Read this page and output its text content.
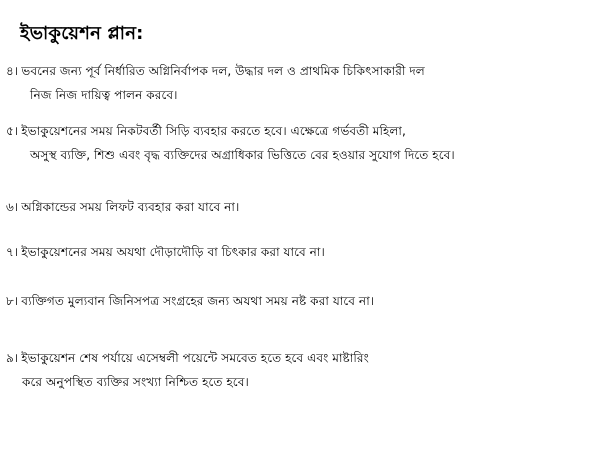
ইভাকুয়েশন প্লান:
৪। ভবনের জন্য পূর্ব নির্ধারিত অগ্নিনির্বাপক দল, উদ্ধার দল ও প্রাথমিক চিকিৎসাকারী দল
নিজ নিজ দায়িত্ব পালন করবে।
৫। ইভাকুয়েশনের সময় নিকটবর্তী সিড়ি ব্যবহার করতে হবে। এক্ষেত্রে গর্ভবতী মহিলা,
অসুস্থ ব্যক্তি, শিশু এবং বৃদ্ধ ব্যক্তিদের অগ্রাধিকার ভিত্তিতে বের হওয়ার সুযোগ দিতে হবে।
৬। অগ্নিকান্ডের সময় লিফট ব্যবহার করা যাবে না।
৭। ইভাকুয়েশনের সময় অযথা দৌড়াদৌড়ি বা চিৎকার করা যাবে না।
৮। ব্যক্তিগত মুল্যবান জিনিসপত্র সংগ্রহের জন্য অযথা সময় নষ্ট করা যাবে না।
৯। ইভাকুয়েশন শেষ পর্যায়ে এসেম্বলী পয়েন্টে সমবেত হতে হবে এবং মাষ্টারিং
করে অনুপস্থিত ব্যক্তির সংখ্যা নিশ্চিত হতে হবে।
